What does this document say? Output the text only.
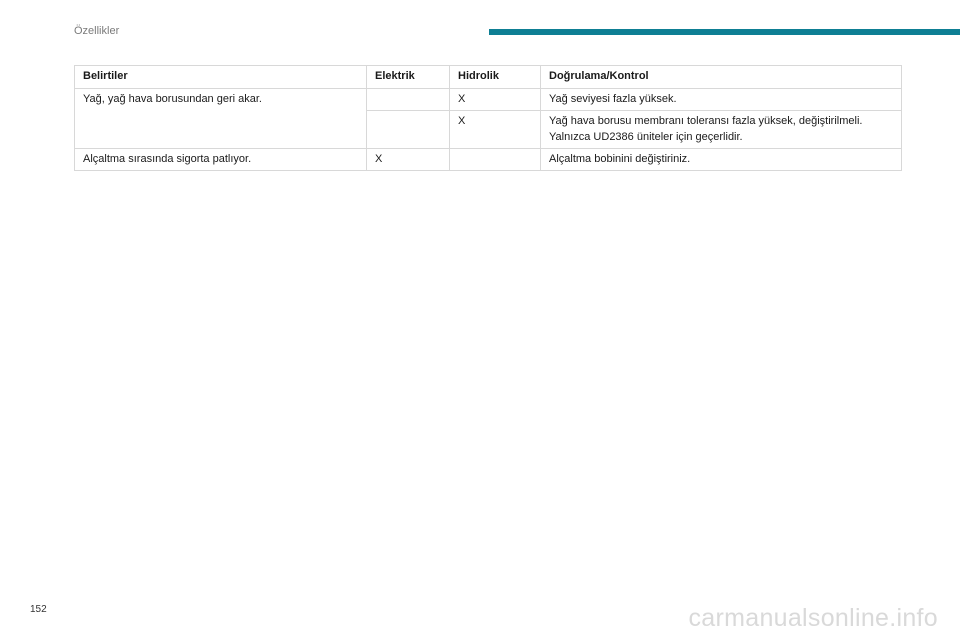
Özellikler
Belirtiler	Elektrik	Hidrolik	Doğrulama/Kontrol
Yağ, yağ hava borusundan geri akar.		X	Yağ seviyesi fazla yüksek.
		X	Yağ hava borusu membranı toleransı fazla yüksek, değiştirilmeli.
Yalnızca UD2386 üniteler için geçerlidir.
Alçaltma sırasında sigorta patlıyor.	X		Alçaltma bobinini değiştiriniz.
152	carmanualsonline.info
